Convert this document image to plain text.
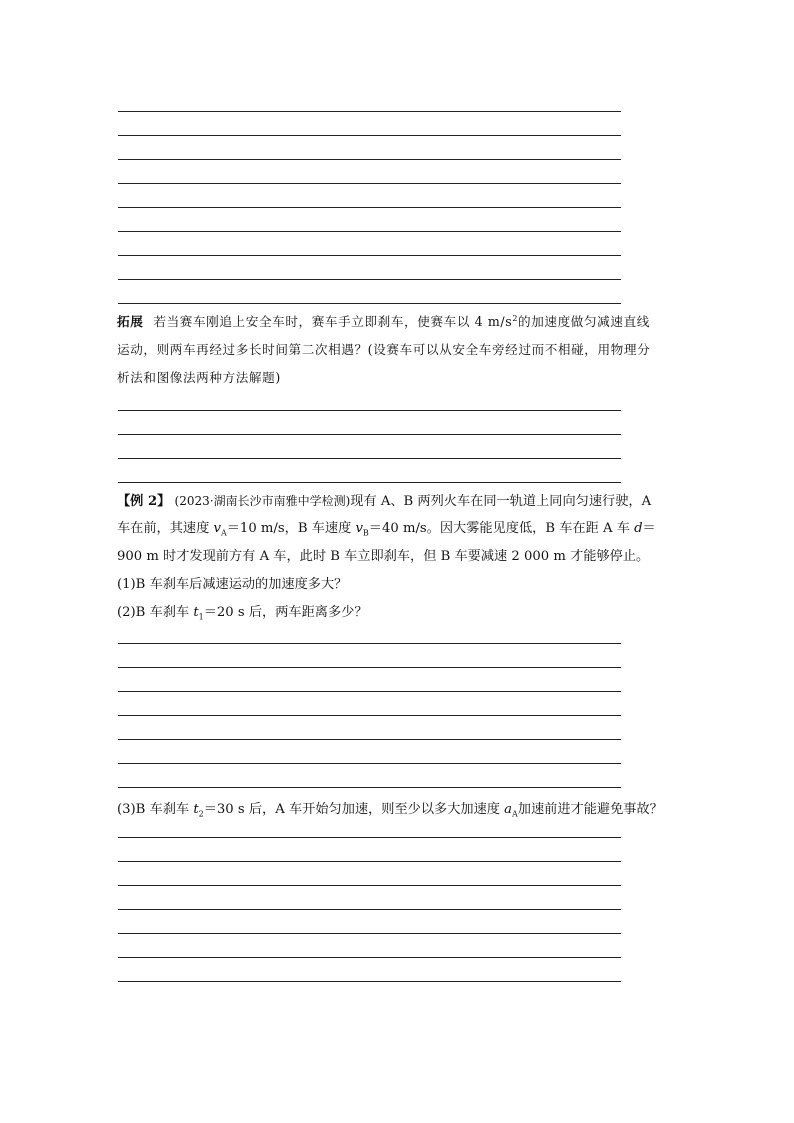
拓展 若当赛车刚追上安全车时，赛车手立即刹车，使赛车以 4 $m/s^2$的加速度做匀减速直线
运动，则两车再经过多长时间第二次相遇？(设赛车可以从安全车旁经过而不相碰，用物理分
析法和图像法两种方法解题)
【例 2】 (2023·湖南长沙市南雅中学检测)现有 A、B 两列火车在同一轨道上同向匀速行驶，A
车在前，其速度 $v_A=10$ m/s，B 车速度 $v_B=40$ m/s。因大雾能见度低，B 车在距 A 车 d＝
900 m 时才发现前方有 A 车，此时 B 车立即刹车，但 B 车要减速 2 000 m 才能够停止。
(1)B 车刹车后减速运动的加速度多大？
(2)B 车刹车 $t_1=20$ s 后，两车距离多少？
(3)B 车刹车 $t_2=30$ s 后，A 车开始匀加速，则至少以多大加速度 $a_A$加速前进才能避免事故？
